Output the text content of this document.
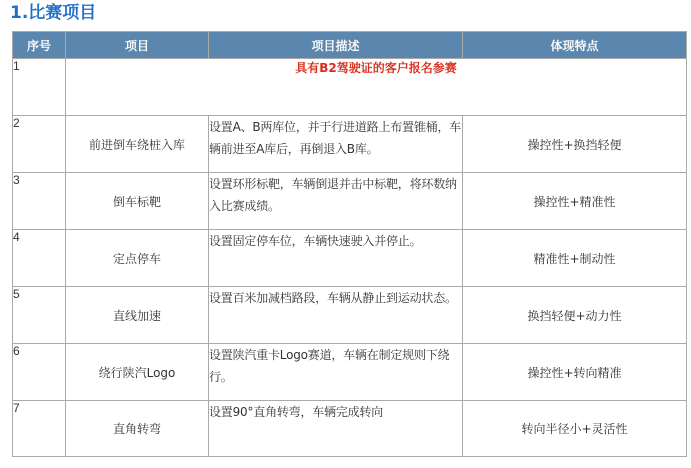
1.比赛项目
序号	项目	项目描述	体现特点
1	具有B2驾驶证的客户报名参赛		
2	前进倒车绕桩入库	设置A、B两库位，并于行进道路上布置锥桶，车辆前进至A库后，再倒退入B库。	操控性+换挡轻便
3	倒车标靶	设置环形标靶，车辆倒退并击中标靶，将环数纳入比赛成绩。	操控性+精准性
4	定点停车	设置固定停车位，车辆快速驶入并停止。	精准性+制动性
5	直线加速	设置百米加减档路段，车辆从静止到运动状态。	换挡轻便+动力性
6	绕行陕汽Logo	设置陕汽重卡Logo赛道，车辆在制定规则下绕行。	操控性+转向精准
7	直角转弯	设置90°直角转弯，车辆完成转向	转向半径小+灵活性
